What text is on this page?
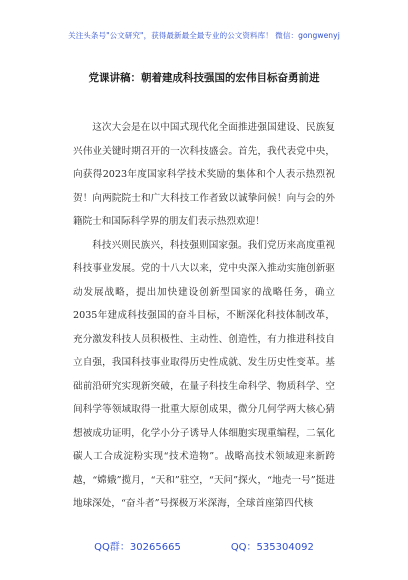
关注头条号"公文研究"，获得最新最全最专业的公文资料库！ 微信：gongwenyj
党课讲稿：朝着建成科技强国的宏伟目标奋勇前进

这次大会是在以中国式现代化全面推进强国建设、民族复兴伟业关键时期召开的一次科技盛会。首先，我代表党中央，向获得2023年度国家科学技术奖励的集体和个人表示热烈祝贺！向两院院士和广大科技工作者致以诚挚问候！向与会的外籍院士和国际科学界的朋友们表示热烈欢迎！

科技兴则民族兴，科技强则国家强。我们党历来高度重视科技事业发展。党的十八大以来，党中央深入推动实施创新驱动发展战略，提出加快建设创新型国家的战略任务，确立2035年建成科技强国的奋斗目标，不断深化科技体制改革，充分激发科技人员积极性、主动性、创造性，有力推进科技自立自强，我国科技事业取得历史性成就、发生历史性变革。基础前沿研究实现新突破，在量子科技生命科学、物质科学、空间科学等领域取得一批重大原创成果，微分几何学两大核心猜想被成功证明，化学小分子诱导人体细胞实现重编程，二氧化碳人工合成淀粉实现“技术造物”。战略高技术领域迎来新跨越，“嫦娥”揽月，“天和”驻空，“天问”探火，“地壳一号”挺进地球深处，“奋斗者”号探极万米深海，全球首座第四代核

QQ群：30265665	QQ：535304092
